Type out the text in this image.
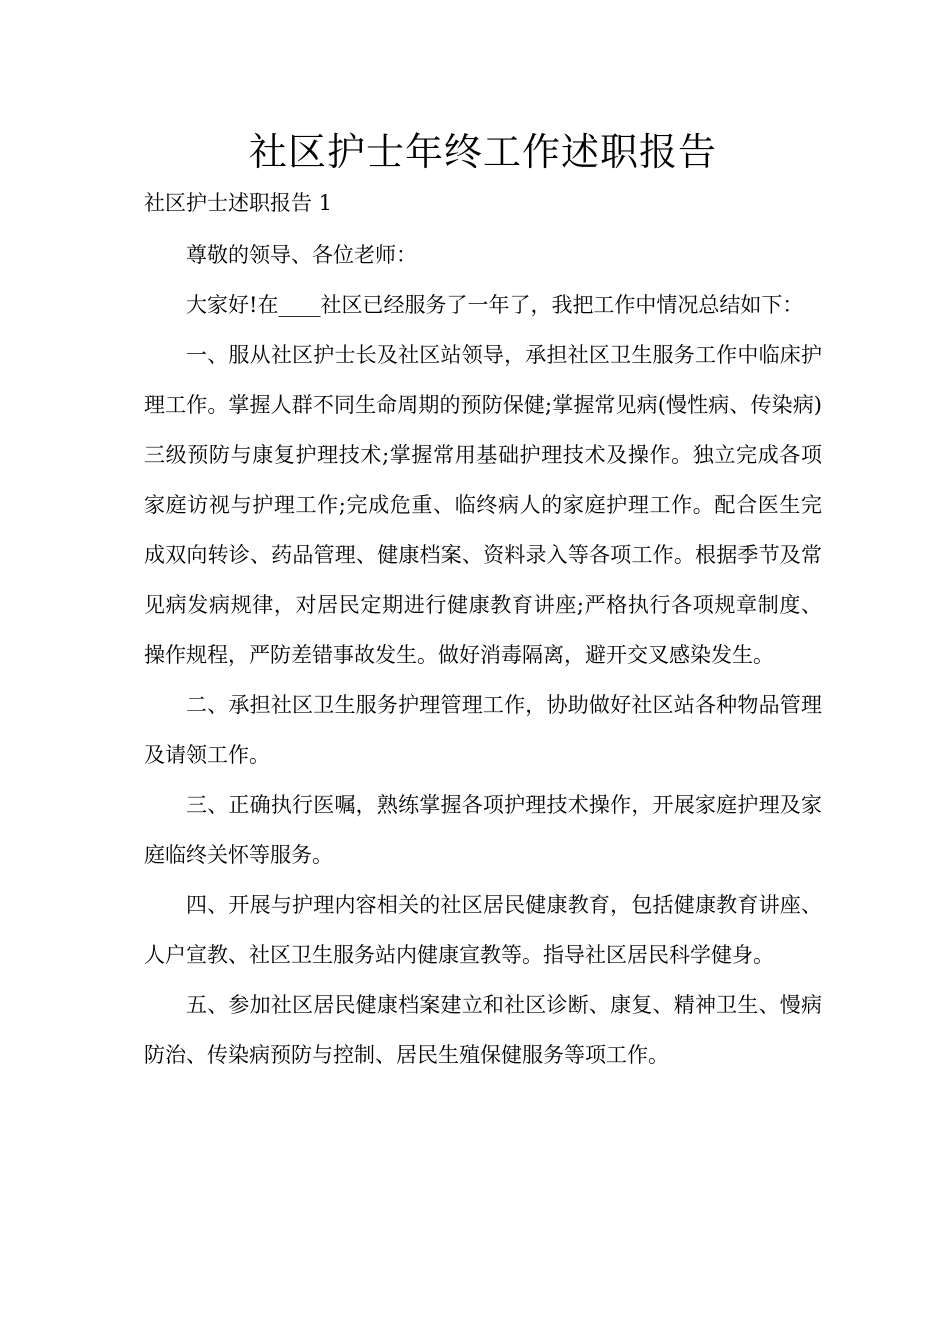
社区护士年终工作述职报告
社区护士述职报告 1

尊敬的领导、各位老师：

大家好!在____社区已经服务了一年了，我把工作中情况总结如下：

一、服从社区护士长及社区站领导，承担社区卫生服务工作中临床护理工作。掌握人群不同生命周期的预防保健;掌握常见病(慢性病、传染病)三级预防与康复护理技术;掌握常用基础护理技术及操作。独立完成各项家庭访视与护理工作;完成危重、临终病人的家庭护理工作。配合医生完成双向转诊、药品管理、健康档案、资料录入等各项工作。根据季节及常见病发病规律，对居民定期进行健康教育讲座;严格执行各项规章制度、操作规程，严防差错事故发生。做好消毒隔离，避开交叉感染发生。

二、承担社区卫生服务护理管理工作，协助做好社区站各种物品管理及请领工作。

三、正确执行医嘱，熟练掌握各项护理技术操作，开展家庭护理及家庭临终关怀等服务。

四、开展与护理内容相关的社区居民健康教育，包括健康教育讲座、人户宣教、社区卫生服务站内健康宣教等。指导社区居民科学健身。

五、参加社区居民健康档案建立和社区诊断、康复、精神卫生、慢病防治、传染病预防与控制、居民生殖保健服务等项工作。
